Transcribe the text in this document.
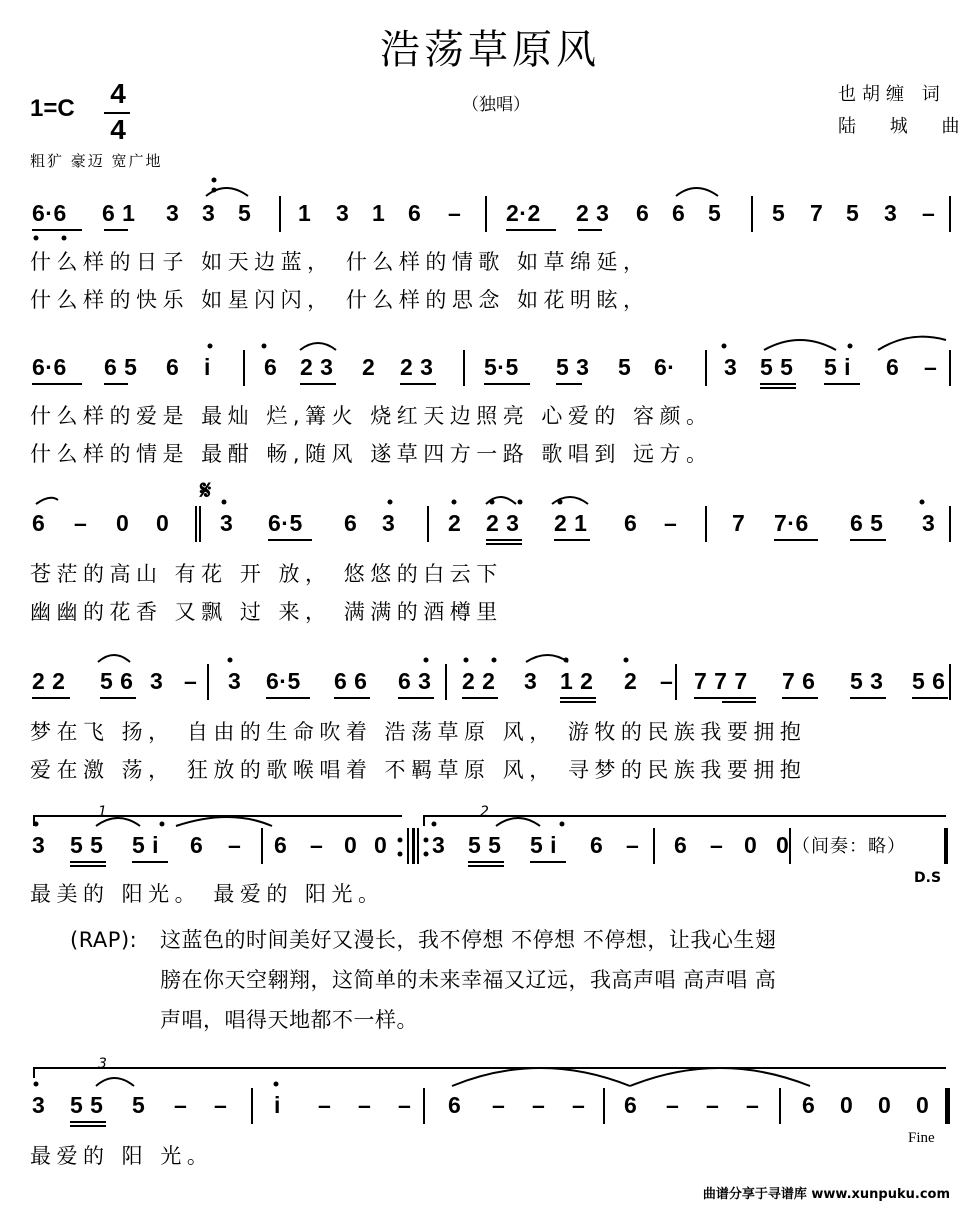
浩荡草原风
1=C 4
4
（独唱）	也胡缠 词
陆 城 曲
粗犷 豪迈 宽广地
6·6 6 1 3 3 5 1 3 1 6 – 2·2 2 3 6 6 5 5 7 5 3 –
什么样的日子 如天边蓝， 什么样的情歌 如草绵延，
什么样的快乐 如星闪闪， 什么样的思念 如花明眩，
6·6 6 5 6 i 6 2 3 2 2 3 5·5 5 3 5 6· 3 5 5 5 i 6 –
什么样的爱是 最灿 烂,篝火 烧红天边照亮 心爱的 容颜。
什么样的情是 最酣 畅,随风 遂草四方一路 歌唱到 远方。
𝄋
6 – 0 0 3 6·5 6 3 2 2 3 2 1 6 – 7 7·6 6 5 3
苍茫的高山 有花 开 放， 悠悠的白云下
幽幽的花香 又飘 过 来， 满满的酒樽里
2 2 5 6 3 – 3 6·5 6 6 6 3 2 2 3 1 2 2 – 7 7 7 7 6 5 3 5 6
梦在飞 扬， 自由的生命吹着 浩荡草原 风， 游牧的民族我要拥抱
爱在激 荡， 狂放的歌喉唱着 不羁草原 风， 寻梦的民族我要拥抱
1	2
3 5 5 5 i 6 – 6 – 0 0 3 5 5 5 i 6 – 6 – 0 0 （间奏：略）
D.S
最美的 阳光。 最爱的 阳光。
(RAP): 这蓝色的时间美好又漫长，我不停想 不停想 不停想，让我心生翅
膀在你天空翱翔，这简单的未来幸福又辽远，我高声唱 高声唱 高
声唱，唱得天地都不一样。
3
3 5 5 5 – – i – – – 6 – – – 6 – – – 6 0 0 0
Fine
最爱的 阳 光。
曲谱分享于寻谱库 www.xunpuku.com
